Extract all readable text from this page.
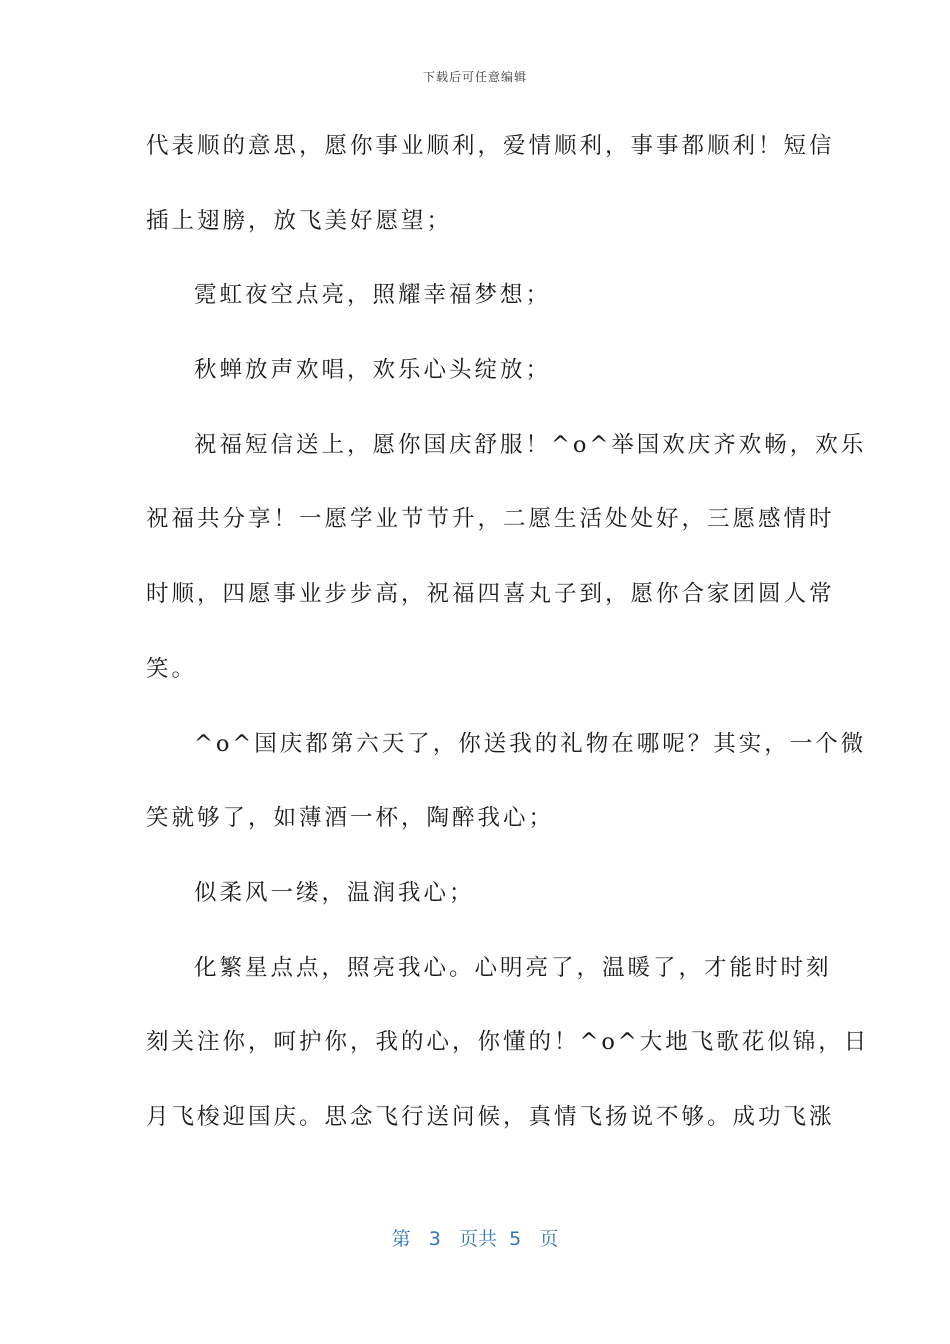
下载后可任意编辑
代表顺的意思，愿你事业顺利，爱情顺利，事事都顺利！短信
插上翅膀，放飞美好愿望；
霓虹夜空点亮，照耀幸福梦想；
秋蝉放声欢唱，欢乐心头绽放；
祝福短信送上，愿你国庆舒服！^o^举国欢庆齐欢畅，欢乐
祝福共分享！一愿学业节节升，二愿生活处处好，三愿感情时
时顺，四愿事业步步高，祝福四喜丸子到，愿你合家团圆人常
笑。
^o^国庆都第六天了，你送我的礼物在哪呢？其实，一个微
笑就够了，如薄酒一杯，陶醉我心；
似柔风一缕，温润我心；
化繁星点点，照亮我心。心明亮了，温暖了，才能时时刻
刻关注你，呵护你，我的心，你懂的！^o^大地飞歌花似锦，日
月飞梭迎国庆。思念飞行送问候，真情飞扬说不够。成功飞涨
第 3 页共 5 页
